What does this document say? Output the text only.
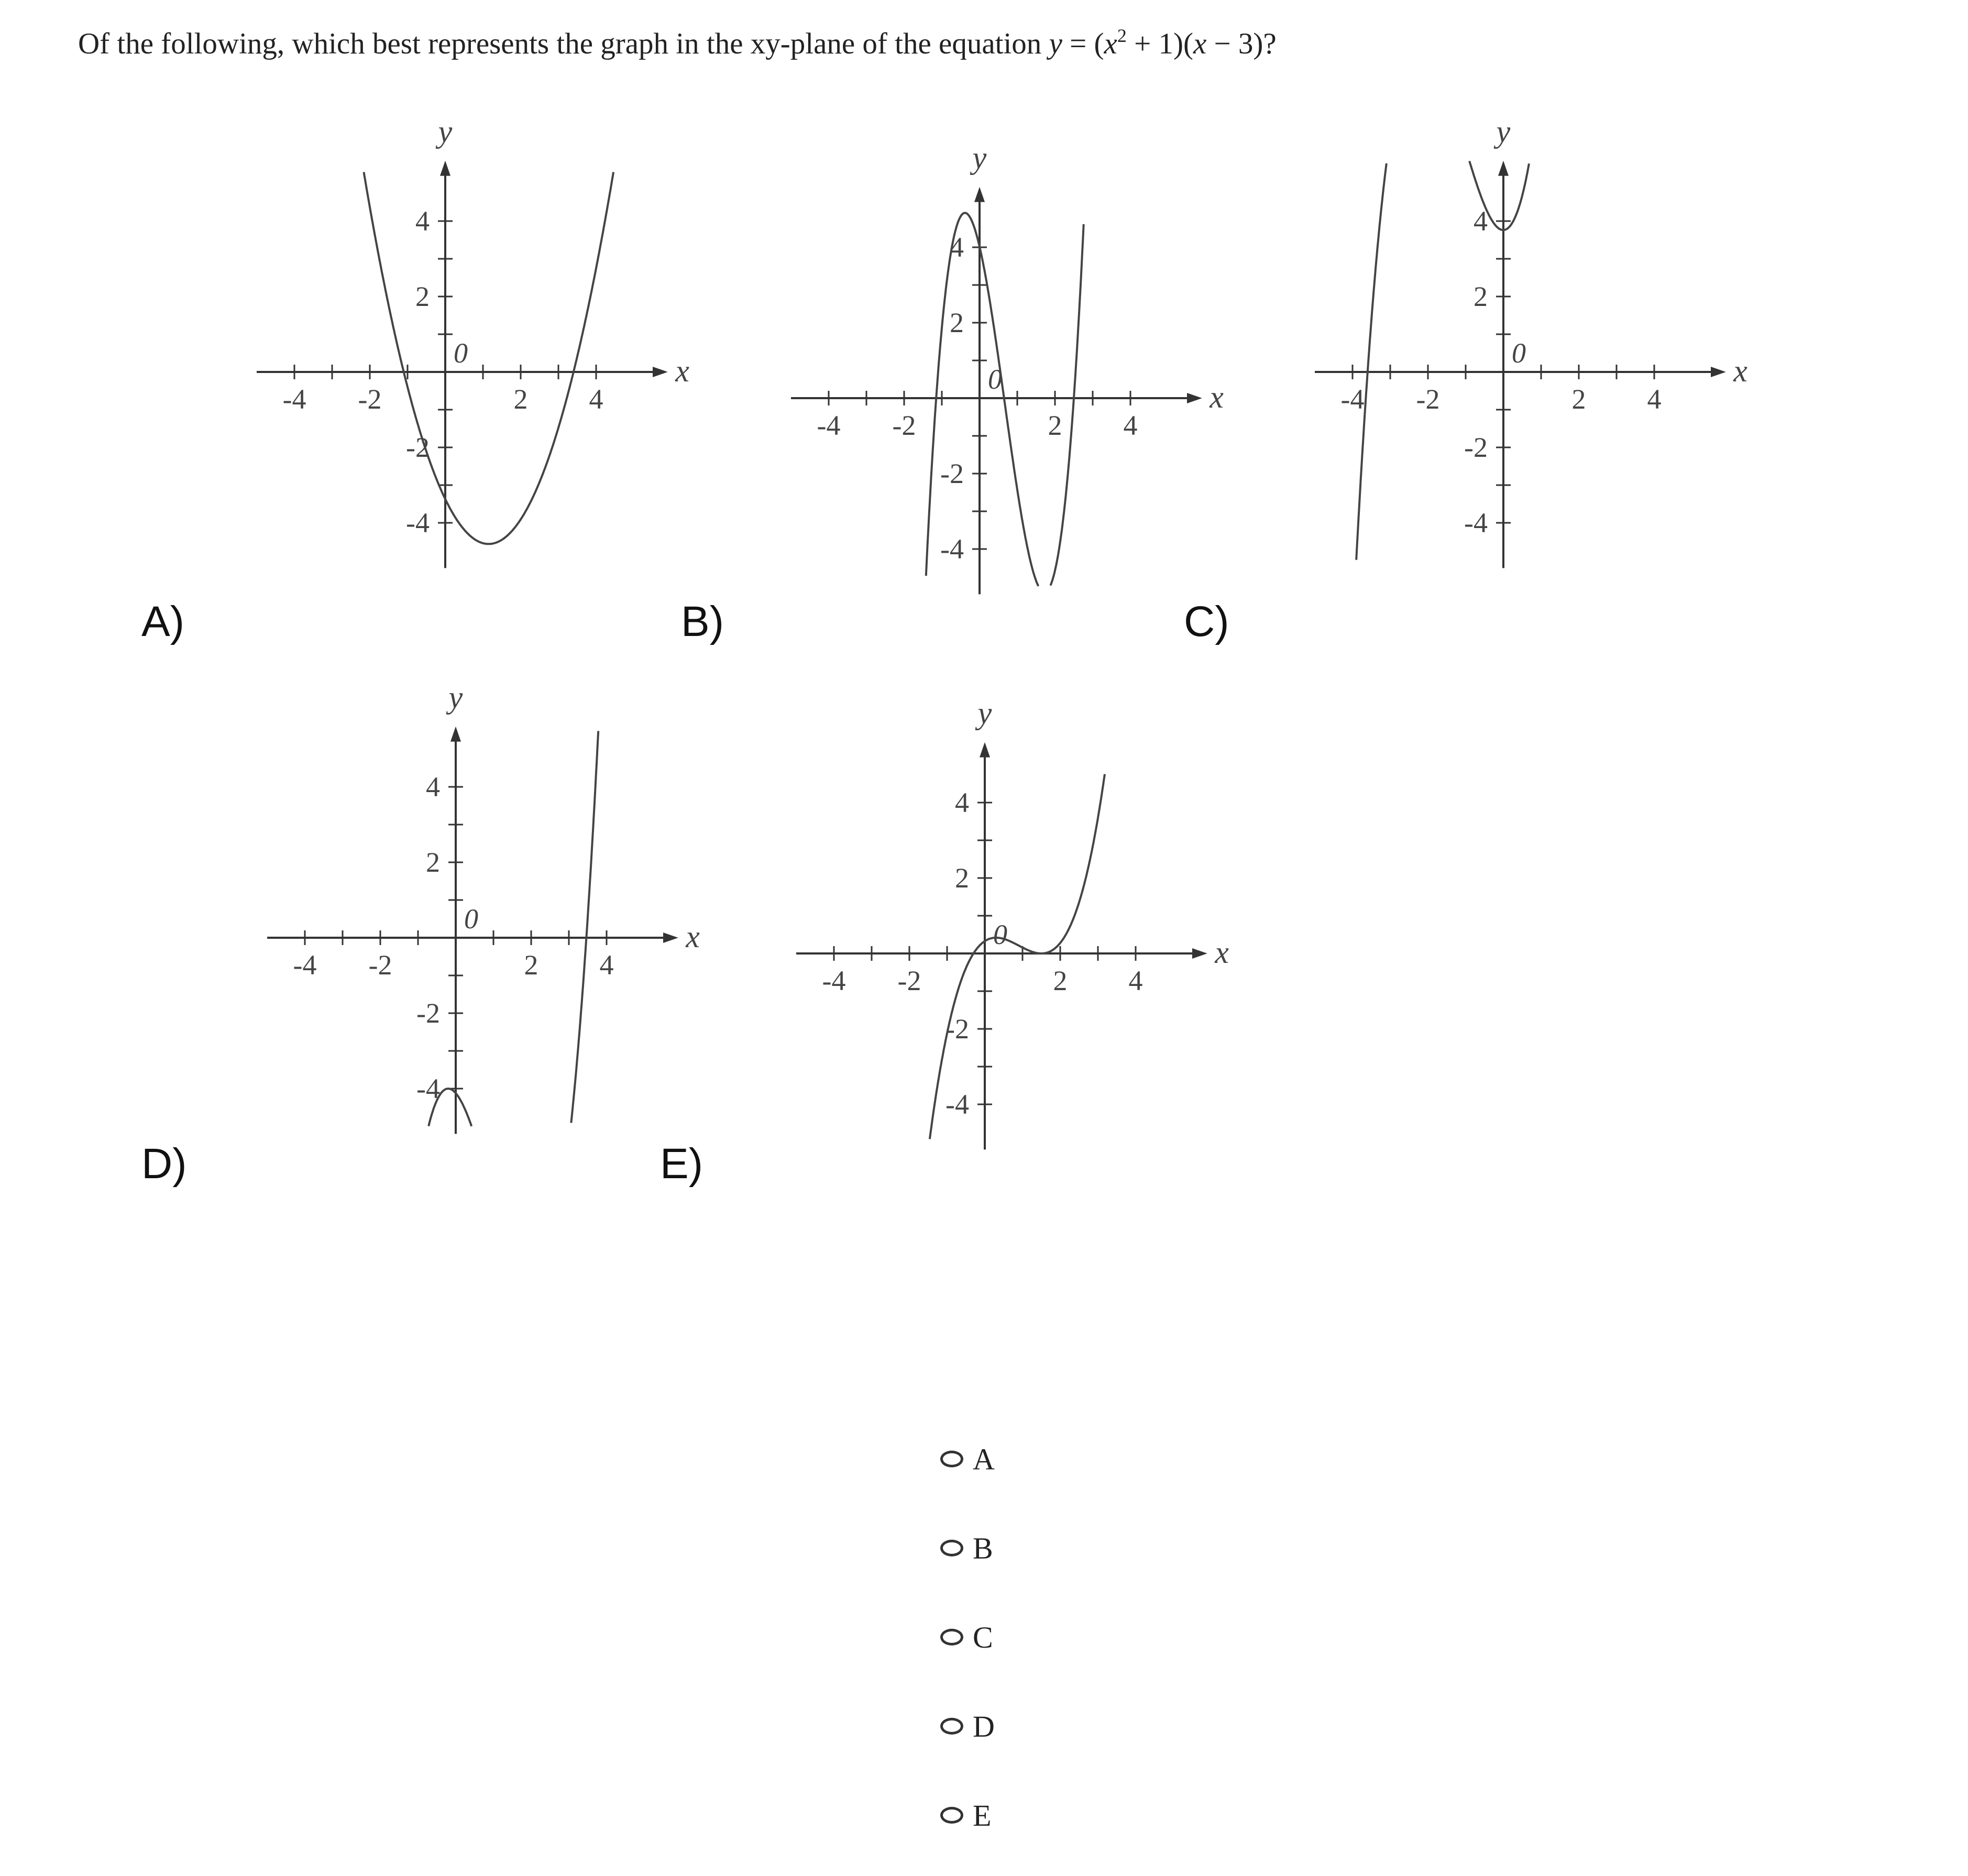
Of the following, which best represents the graph in the xy-plane of the equation $y = (x^2 + 1)(x - 3)$?
A)	B)	C)
D)	E)
-4 -2	2 4
4
2
-2
-4
0
x
y
-4 -2	2 4
4
2
-2
-4
0
x
y
-4 -2	2 4
4
2
-2
-4
0
x
y
-4 -2	2 4
4
2
-2
-4
0
x
y
-4 -2	2 4
4
2
-2
-4
0
x
y
A
B
C
D
E
